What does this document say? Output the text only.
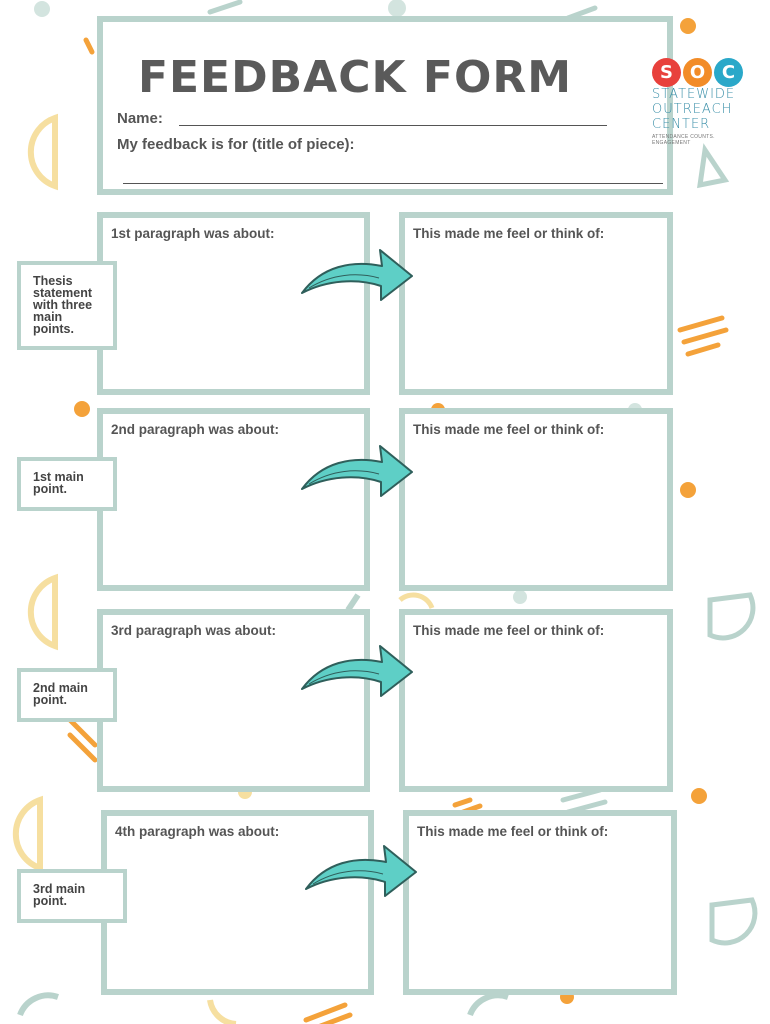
FEEDBACK FORM
Name:
My feedback is for (title of piece):
S O C
STATEWIDE
OUTREACH
CENTER
ATTENDANCE COUNTS. ENGAGEMENT
1st paragraph was about:	This made me feel or think of:
Thesis statement with three main points.
2nd paragraph was about:	This made me feel or think of:
1st main point.
3rd paragraph was about:	This made me feel or think of:
2nd main point.
4th paragraph was about:	This made me feel or think of:
3rd main point.
